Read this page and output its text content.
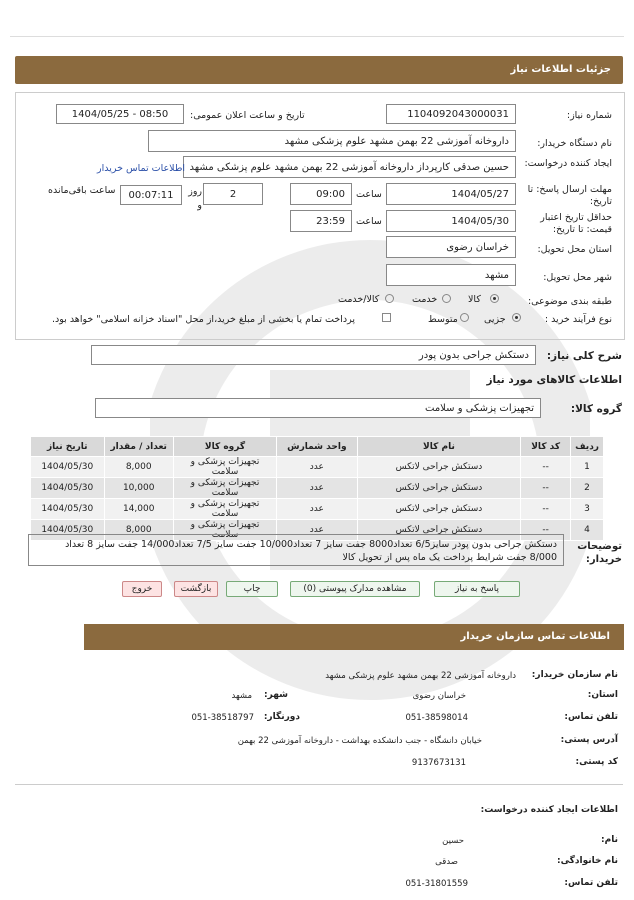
جزئیات اطلاعات نیاز
شماره نیاز:
1104092043000031
تاریخ و ساعت اعلان عمومی:
1404/05/25 - 08:50
نام دستگاه خریدار:
داروخانه آموزشی 22 بهمن مشهد علوم پزشکی مشهد
ایجاد کننده درخواست:
حسین صدقی کارپرداز داروخانه آموزشی 22 بهمن مشهد علوم پزشکی مشهد
اطلاعات تماس خریدار
مهلت ارسال پاسخ: تا تاریخ:
1404/05/27
ساعت
09:00
2
روز و
00:07:11
ساعت باقی‌مانده
حداقل تاریخ اعتبار قیمت: تا تاریخ:
1404/05/30
ساعت
23:59
استان محل تحویل:
خراسان رضوی
شهر محل تحویل:
مشهد
طبقه بندی موضوعی:
کالا
خدمت
کالا/خدمت
نوع فرآیند خرید :
جزیی
متوسط
پرداخت تمام یا بخشی از مبلغ خرید،از محل "اسناد خزانه اسلامی" خواهد بود.
شرح کلی نیاز:
دستکش جراحی بدون پودر
اطلاعات کالاهای مورد نیاز
گروه کالا:
تجهیزات پزشکی و سلامت
ردیف	کد کالا	نام کالا	واحد شمارش	گروه کالا	تعداد / مقدار	تاریخ نیاز
1	--	دستکش جراحی لاتکس	عدد	تجهیزات پزشکی و سلامت	8,000	1404/05/30
2	--	دستکش جراحی لاتکس	عدد	تجهیزات پزشکی و سلامت	10,000	1404/05/30
3	--	دستکش جراحی لاتکس	عدد	تجهیزات پزشکی و سلامت	14,000	1404/05/30
4	--	دستکش جراحی لاتکس	عدد	تجهیزات پزشکی و سلامت	8,000	1404/05/30
توضیحات خریدار:
دستکش جراحی بدون پودر سایز6/5 تعداد8000 جفت سایز 7 تعداد10/000 جفت سایز 7/5 تعداد14/000 جفت سایز 8 تعداد
8/000 جفت شرایط پرداخت یک ماه پس از تحویل کالا
پاسخ به نیاز
مشاهده مدارک پیوستی (0)
چاپ
بازگشت
خروج
اطلاعات تماس سازمان خریدار
نام سازمان خریدار:
داروخانه آموزشی 22 بهمن مشهد علوم پزشکی مشهد
استان:
خراسان رضوی
شهر:
مشهد
تلفن تماس:
051-38598014
دورنگار:
051-38518797
آدرس پستی:
خیابان دانشگاه - جنب دانشکده بهداشت - داروخانه آموزشی 22 بهمن
کد پستی:
9137673131
اطلاعات ایجاد کننده درخواست:
نام:
حسین
نام خانوادگی:
صدقی
تلفن تماس:
051-31801559
